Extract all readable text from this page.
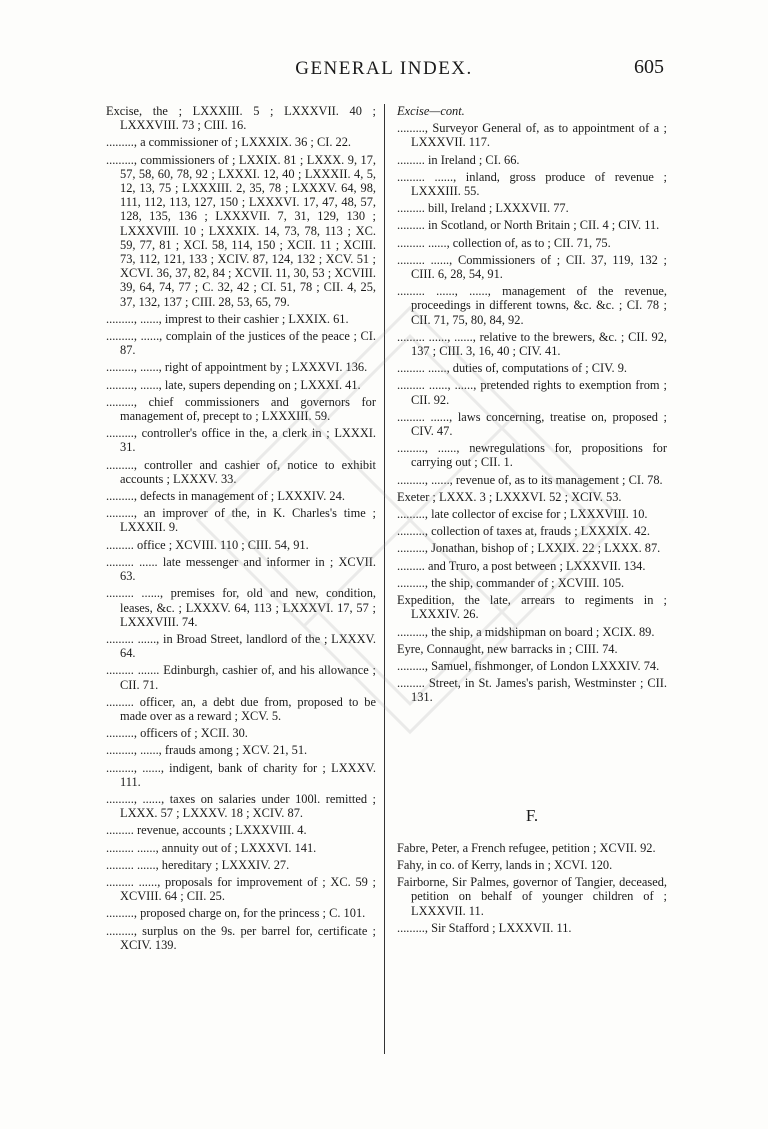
GENERAL INDEX.	605
Excise, the ; LXXXIII. 5 ; LXXXVII. 40 ; LXXXVIII. 73 ; CIII. 16.
........., a commissioner of ; LXXXIX. 36 ; CI. 22.
........., commissioners of ; LXXIX. 81 ; LXXX. 9, 17, 57, 58, 60, 78, 92 ; LXXXI. 12, 40 ; LXXXII. 4, 5, 12, 13, 75 ; LXXXIII. 2, 35, 78 ; LXXXV. 64, 98, 111, 112, 113, 127, 150 ; LXXXVI. 17, 47, 48, 57, 128, 135, 136 ; LXXXVII. 7, 31, 129, 130 ; LXXXVIII. 10 ; LXXXIX. 14, 73, 78, 113 ; XC. 59, 77, 81 ; XCI. 58, 114, 150 ; XCII. 11 ; XCIII. 73, 112, 121, 133 ; XCIV. 87, 124, 132 ; XCV. 51 ; XCVI. 36, 37, 82, 84 ; XCVII. 11, 30, 53 ; XCVIII. 39, 64, 74, 77 ; C. 32, 42 ; CI. 51, 78 ; CII. 4, 25, 37, 132, 137 ; CIII. 28, 53, 65, 79.
........., ......, imprest to their cashier ; LXXIX. 61.
........., ......, complain of the justices of the peace ; CI. 87.
........., ......, right of appointment by ; LXXXVI. 136.
........., ......, late, supers depending on ; LXXXI. 41.
........., chief commissioners and governors for management of, precept to ; LXXXIII. 59.
........., controller's office in the, a clerk in ; LXXXI. 31.
........., controller and cashier of, notice to exhibit accounts ; LXXXV. 33.
........., defects in management of ; LXXXIV. 24.
........., an improver of the, in K. Charles's time ; LXXXII. 9.
......... office ; XCVIII. 110 ; CIII. 54, 91.
......... ...... late messenger and informer in ; XCVII. 63.
......... ......, premises for, old and new, condition, leases, &c. ; LXXXV. 64, 113 ; LXXXVI. 17, 57 ; LXXXVIII. 74.
......... ......, in Broad Street, landlord of the ; LXXXV. 64.
......... ....... Edinburgh, cashier of, and his allowance ; CII. 71.
......... officer, an, a debt due from, proposed to be made over as a reward ; XCV. 5.
........., officers of ; XCII. 30.
........., ......, frauds among ; XCV. 21, 51.
........., ......, indigent, bank of charity for ; LXXXV. 111.
........., ......, taxes on salaries under 100l. remitted ; LXXX. 57 ; LXXXV. 18 ; XCIV. 87.
......... revenue, accounts ; LXXXVIII. 4.
......... ......, annuity out of ; LXXXVI. 141.
......... ......, hereditary ; LXXXIV. 27.
......... ......, proposals for improvement of ; XC. 59 ; XCVIII. 64 ; CII. 25.
........., proposed charge on, for the princess ; C. 101.
........., surplus on the 9s. per barrel for, certificate ; XCIV. 139.
Excise—cont.
........., Surveyor General of, as to appointment of a ; LXXXVII. 117.
......... in Ireland ; CI. 66.
......... ......, inland, gross produce of revenue ; LXXXIII. 55.
......... bill, Ireland ; LXXXVII. 77.
......... in Scotland, or North Britain ; CII. 4 ; CIV. 11.
......... ......, collection of, as to ; CII. 71, 75.
......... ......, Commissioners of ; CII. 37, 119, 132 ; CIII. 6, 28, 54, 91.
......... ......, ......, management of the revenue, proceedings in different towns, &c. &c. ; CI. 78 ; CII. 71, 75, 80, 84, 92.
......... ......, ......, relative to the brewers, &c. ; CII. 92, 137 ; CIII. 3, 16, 40 ; CIV. 41.
......... ......, duties of, computations of ; CIV. 9.
......... ......, ......, pretended rights to exemption from ; CII. 92.
......... ......, laws concerning, treatise on, proposed ; CIV. 47.
........., ......, newregulations for, propositions for carrying out ; CII. 1.
........., ......, revenue of, as to its management ; CI. 78.
Exeter ; LXXX. 3 ; LXXXVI. 52 ; XCIV. 53.
........., late collector of excise for ; LXXXVIII. 10.
........., collection of taxes at, frauds ; LXXXIX. 42.
........., Jonathan, bishop of ; LXXIX. 22 ; LXXX. 87.
......... and Truro, a post between ; LXXXVII. 134.
........., the ship, commander of ; XCVIII. 105.
Expedition, the late, arrears to regiments in ; LXXXIV. 26.
........., the ship, a midshipman on board ; XCIX. 89.
Eyre, Connaught, new barracks in ; CIII. 74.
........., Samuel, fishmonger, of London LXXXIV. 74.
......... Street, in St. James's parish, Westminster ; CII. 131.
F.
Fabre, Peter, a French refugee, petition ; XCVII. 92.
Fahy, in co. of Kerry, lands in ; XCVI. 120.
Fairborne, Sir Palmes, governor of Tangier, deceased, petition on behalf of younger children of ; LXXXVII. 11.
........., Sir Stafford ; LXXXVII. 11.
